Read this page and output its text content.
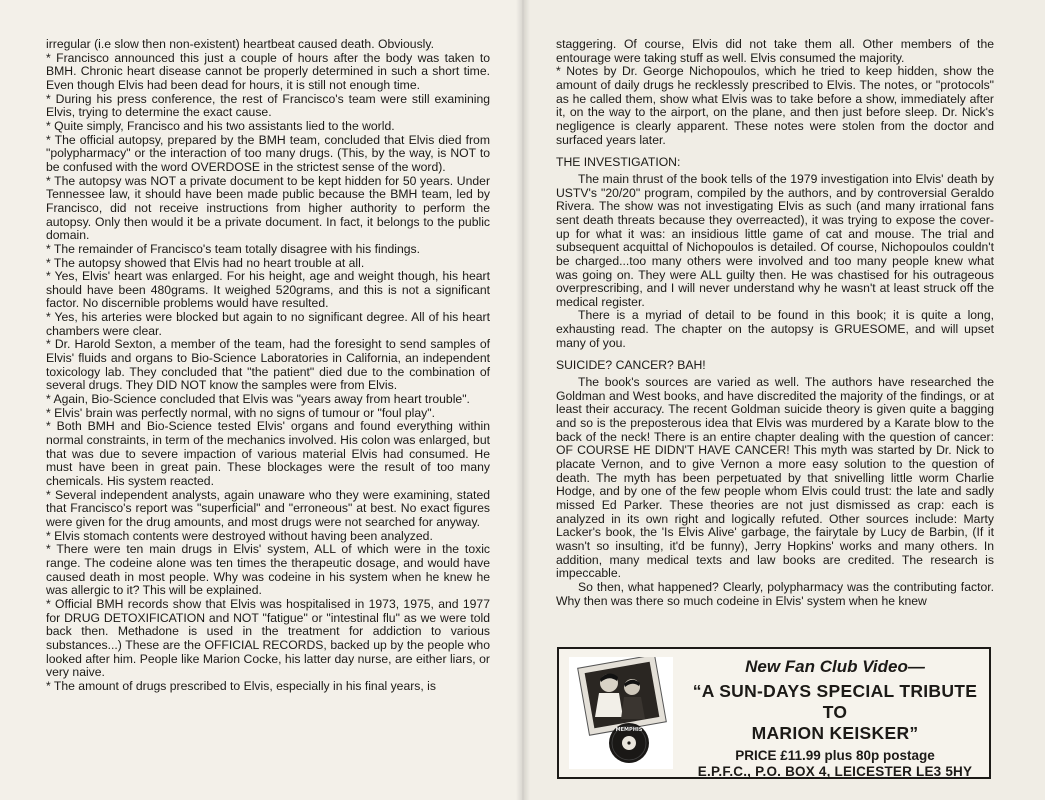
irregular (i.e slow then non-existent) heartbeat caused death. Obviously.

* Francisco announced this just a couple of hours after the body was taken to BMH. Chronic heart disease cannot be properly determined in such a short time. Even though Elvis had been dead for hours, it is still not enough time.

* During his press conference, the rest of Francisco's team were still examining Elvis, trying to determine the exact cause.

* Quite simply, Francisco and his two assistants lied to the world.

* The official autopsy, prepared by the BMH team, concluded that Elvis died from "polypharmacy" or the interaction of too many drugs. (This, by the way, is NOT to be confused with the word OVERDOSE in the strictest sense of the word).

* The autopsy was NOT a private document to be kept hidden for 50 years. Under Tennessee law, it should have been made public because the BMH team, led by Francisco, did not receive instructions from higher authority to perform the autopsy. Only then would it be a private document. In fact, it belongs to the public domain.

* The remainder of Francisco's team totally disagree with his findings.

* The autopsy showed that Elvis had no heart trouble at all.

* Yes, Elvis' heart was enlarged. For his height, age and weight though, his heart should have been 480grams. It weighed 520grams, and this is not a significant factor. No discernible problems would have resulted.

* Yes, his arteries were blocked but again to no significant degree. All of his heart chambers were clear.

* Dr. Harold Sexton, a member of the team, had the foresight to send samples of Elvis' fluids and organs to Bio-Science Laboratories in California, an independent toxicology lab. They concluded that "the patient" died due to the combination of several drugs. They DID NOT know the samples were from Elvis.

* Again, Bio-Science concluded that Elvis was "years away from heart trouble".

* Elvis' brain was perfectly normal, with no signs of tumour or "foul play".

* Both BMH and Bio-Science tested Elvis' organs and found everything within normal constraints, in term of the mechanics involved. His colon was enlarged, but that was due to severe impaction of various material Elvis had consumed. He must have been in great pain. These blockages were the result of too many chemicals. His system reacted.

* Several independent analysts, again unaware who they were examining, stated that Francisco's report was "superficial" and "erroneous" at best. No exact figures were given for the drug amounts, and most drugs were not searched for anyway.

* Elvis stomach contents were destroyed without having been analyzed.

* There were ten main drugs in Elvis' system, ALL of which were in the toxic range. The codeine alone was ten times the therapeutic dosage, and would have caused death in most people. Why was codeine in his system when he knew he was allergic to it? This will be explained.

* Official BMH records show that Elvis was hospitalised in 1973, 1975, and 1977 for DRUG DETOXIFICATION and NOT "fatigue" or "intestinal flu" as we were told back then. Methadone is used in the treatment for addiction to various substances...) These are the OFFICIAL RECORDS, backed up by the people who looked after him. People like Marion Cocke, his latter day nurse, are either liars, or very naive.

* The amount of drugs prescribed to Elvis, especially in his final years, is

staggering. Of course, Elvis did not take them all. Other members of the entourage were taking stuff as well. Elvis consumed the majority.

* Notes by Dr. George Nichopoulos, which he tried to keep hidden, show the amount of daily drugs he recklessly prescribed to Elvis. The notes, or "protocols" as he called them, show what Elvis was to take before a show, immediately after it, on the way to the airport, on the plane, and then just before sleep. Dr. Nick's negligence is clearly apparent. These notes were stolen from the doctor and surfaced years later.

THE INVESTIGATION:

The main thrust of the book tells of the 1979 investigation into Elvis' death by USTV's "20/20" program, compiled by the authors, and by controversial Geraldo Rivera. The show was not investigating Elvis as such (and many irrational fans sent death threats because they overreacted), it was trying to expose the cover-up for what it was: an insidious little game of cat and mouse. The trial and subsequent acquittal of Nichopoulos is detailed. Of course, Nichopoulos couldn't be charged...too many others were involved and too many people knew what was going on. They were ALL guilty then. He was chastised for his outrageous overprescribing, and I will never understand why he wasn't at least struck off the medical register.

There is a myriad of detail to be found in this book; it is quite a long, exhausting read. The chapter on the autopsy is GRUESOME, and will upset many of you.

SUICIDE? CANCER? BAH!

The book's sources are varied as well. The authors have researched the Goldman and West books, and have discredited the majority of the findings, or at least their accuracy. The recent Goldman suicide theory is given quite a bagging and so is the preposterous idea that Elvis was murdered by a Karate blow to the back of the neck! There is an entire chapter dealing with the question of cancer: OF COURSE HE DIDN'T HAVE CANCER! This myth was started by Dr. Nick to placate Vernon, and to give Vernon a more easy solution to the question of death. The myth has been perpetuated by that snivelling little worm Charlie Hodge, and by one of the few people whom Elvis could trust: the late and sadly missed Ed Parker. These theories are not just dismissed as crap: each is analyzed in its own right and logically refuted. Other sources include: Marty Lacker's book, the 'Is Elvis Alive' garbage, the fairytale by Lucy de Barbin, (If it wasn't so insulting, it'd be funny), Jerry Hopkins' works and many others. In addition, many medical texts and law books are credited. The research is impeccable.

So then, what happened? Clearly, polypharmacy was the contributing factor. Why then was there so much codeine in Elvis' system when he knew

MEMPHIS

New Fan Club Video—

“A SUN-DAYS SPECIAL TRIBUTE TO

MARION KEISKER”

PRICE £11.99 plus 80p postage

E.P.F.C., P.O. BOX 4, LEICESTER LE3 5HY
